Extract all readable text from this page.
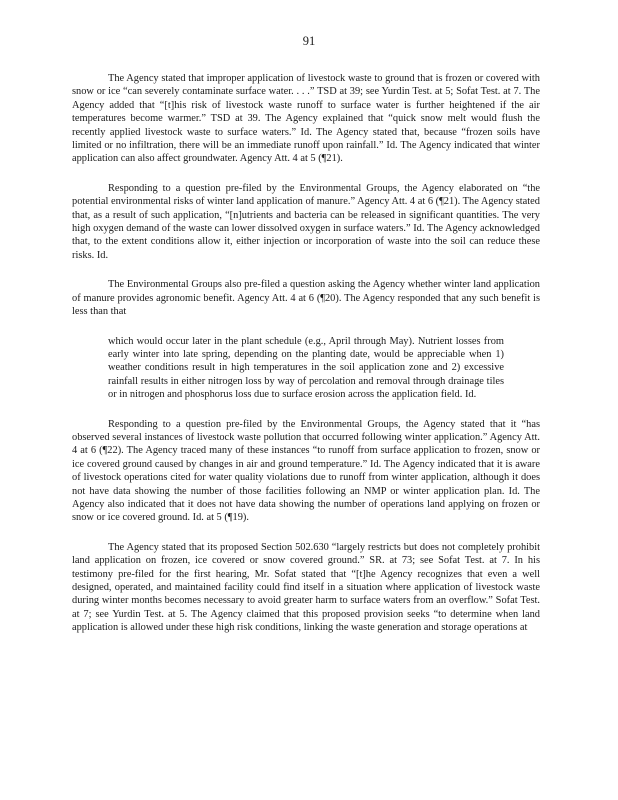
91

The Agency stated that improper application of livestock waste to ground that is frozen or covered with snow or ice “can severely contaminate surface water. . . .” TSD at 39; see Yurdin Test. at 5; Sofat Test. at 7. The Agency added that “[t]his risk of livestock waste runoff to surface water is further heightened if the air temperatures become warmer.” TSD at 39. The Agency explained that “quick snow melt would flush the recently applied livestock waste to surface waters.” Id. The Agency stated that, because “frozen soils have limited or no infiltration, there will be an immediate runoff upon rainfall.” Id. The Agency indicated that winter application can also affect groundwater. Agency Att. 4 at 5 (¶21).

Responding to a question pre-filed by the Environmental Groups, the Agency elaborated on “the potential environmental risks of winter land application of manure.” Agency Att. 4 at 6 (¶21). The Agency stated that, as a result of such application, “[n]utrients and bacteria can be released in significant quantities. The very high oxygen demand of the waste can lower dissolved oxygen in surface waters.” Id. The Agency acknowledged that, to the extent conditions allow it, either injection or incorporation of waste into the soil can reduce these risks. Id.

The Environmental Groups also pre-filed a question asking the Agency whether winter land application of manure provides agronomic benefit. Agency Att. 4 at 6 (¶20). The Agency responded that any such benefit is less than that

which would occur later in the plant schedule (e.g., April through May). Nutrient losses from early winter into late spring, depending on the planting date, would be appreciable when 1) weather conditions result in high temperatures in the soil application zone and 2) excessive rainfall results in either nitrogen loss by way of percolation and removal through drainage tiles or in nitrogen and phosphorus loss due to surface erosion across the application field. Id.

Responding to a question pre-filed by the Environmental Groups, the Agency stated that it “has observed several instances of livestock waste pollution that occurred following winter application.” Agency Att. 4 at 6 (¶22). The Agency traced many of these instances “to runoff from surface application to frozen, snow or ice covered ground caused by changes in air and ground temperature.” Id. The Agency indicated that it is aware of livestock operations cited for water quality violations due to runoff from winter application, although it does not have data showing the number of those facilities following an NMP or winter application plan. Id. The Agency also indicated that it does not have data showing the number of operations land applying on frozen or snow or ice covered ground. Id. at 5 (¶19).

The Agency stated that its proposed Section 502.630 “largely restricts but does not completely prohibit land application on frozen, ice covered or snow covered ground.” SR. at 73; see Sofat Test. at 7. In his testimony pre-filed for the first hearing, Mr. Sofat stated that “[t]he Agency recognizes that even a well designed, operated, and maintained facility could find itself in a situation where application of livestock waste during winter months becomes necessary to avoid greater harm to surface waters from an overflow.” Sofat Test. at 7; see Yurdin Test. at 5. The Agency claimed that this proposed provision seeks “to determine when land application is allowed under these high risk conditions, linking the waste generation and storage operations at
